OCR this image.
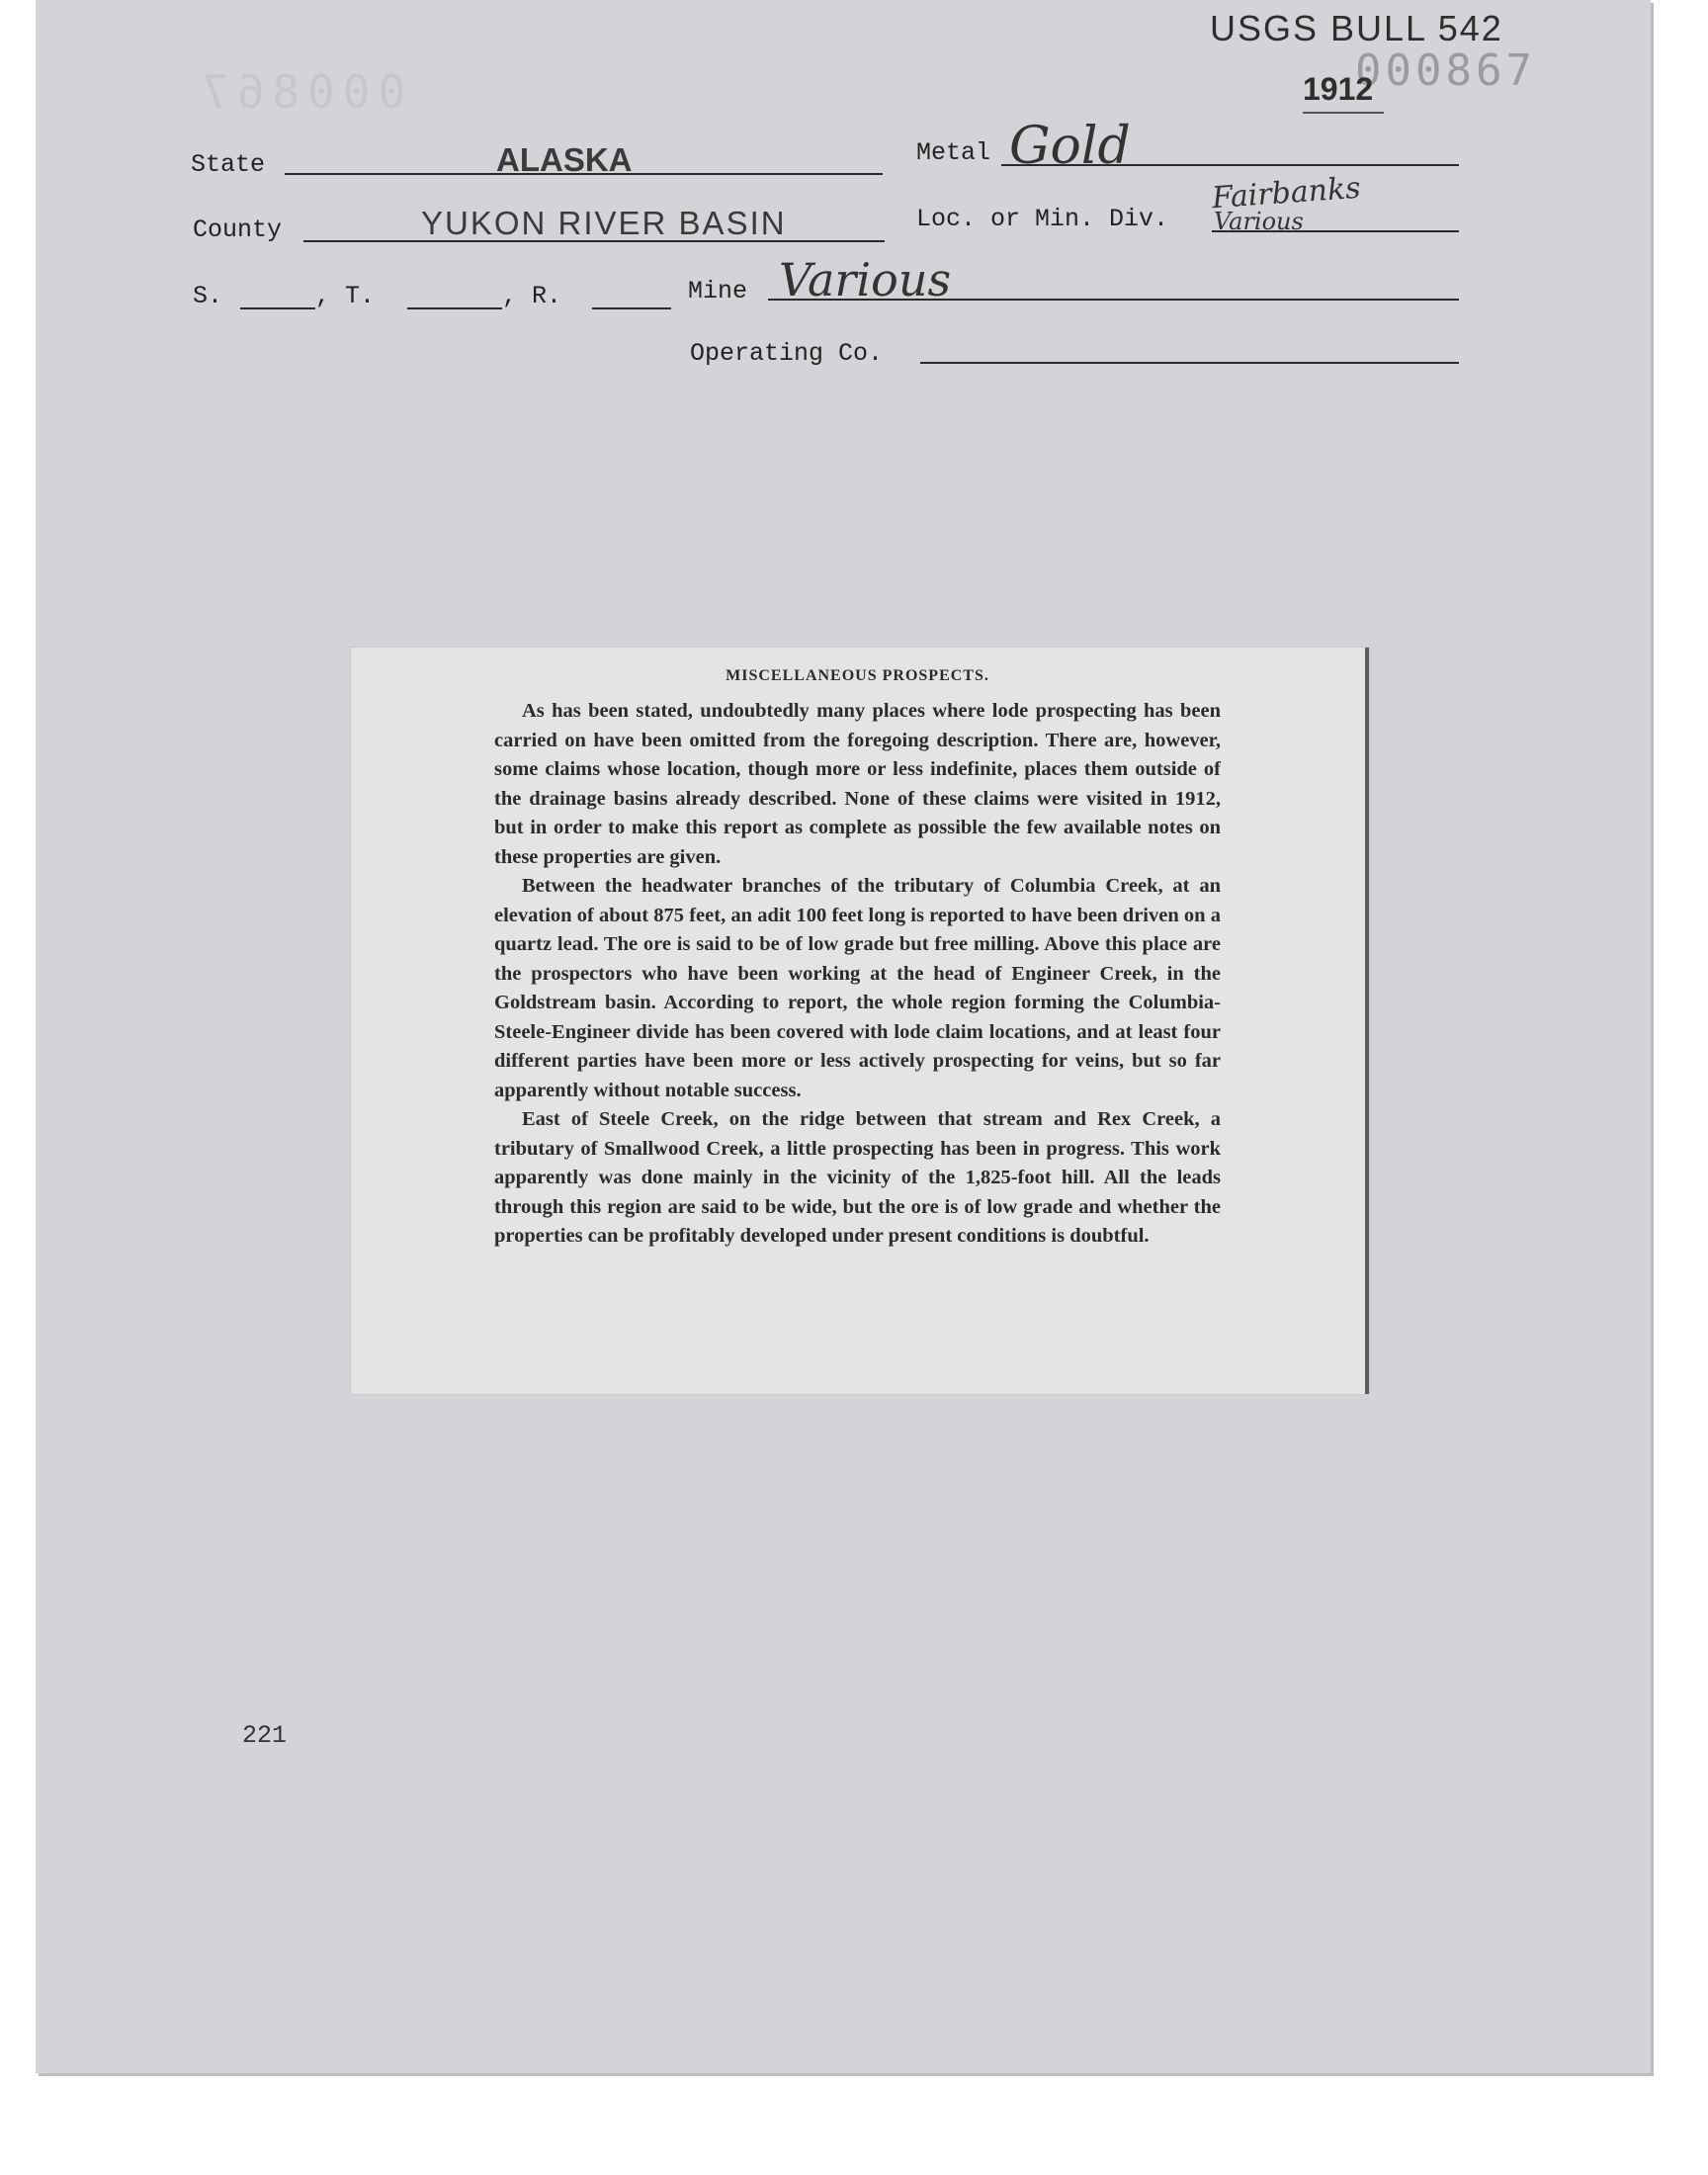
000867
USGS BULL 542
000867
1912
State	ALASKA	Metal Gold
County	YUKON RIVER BASIN	Loc. or Min. Div.
Fairbanks
Various
S.	, T.	, R.	Mine Various
Operating Co.
MISCELLANEOUS PROSPECTS.

As has been stated, undoubtedly many places where lode prospecting has been carried on have been omitted from the foregoing description. There are, however, some claims whose location, though more or less indefinite, places them outside of the drainage basins already described. None of these claims were visited in 1912, but in order to make this report as complete as possible the few available notes on these properties are given.

Between the headwater branches of the tributary of Columbia Creek, at an elevation of about 875 feet, an adit 100 feet long is reported to have been driven on a quartz lead. The ore is said to be of low grade but free milling. Above this place are the prospectors who have been working at the head of Engineer Creek, in the Goldstream basin. According to report, the whole region forming the Columbia-Steele-Engineer divide has been covered with lode claim locations, and at least four different parties have been more or less actively prospecting for veins, but so far apparently without notable success.

East of Steele Creek, on the ridge between that stream and Rex Creek, a tributary of Smallwood Creek, a little prospecting has been in progress. This work apparently was done mainly in the vicinity of the 1,825-foot hill. All the leads through this region are said to be wide, but the ore is of low grade and whether the properties can be profitably developed under present conditions is doubtful.

221
